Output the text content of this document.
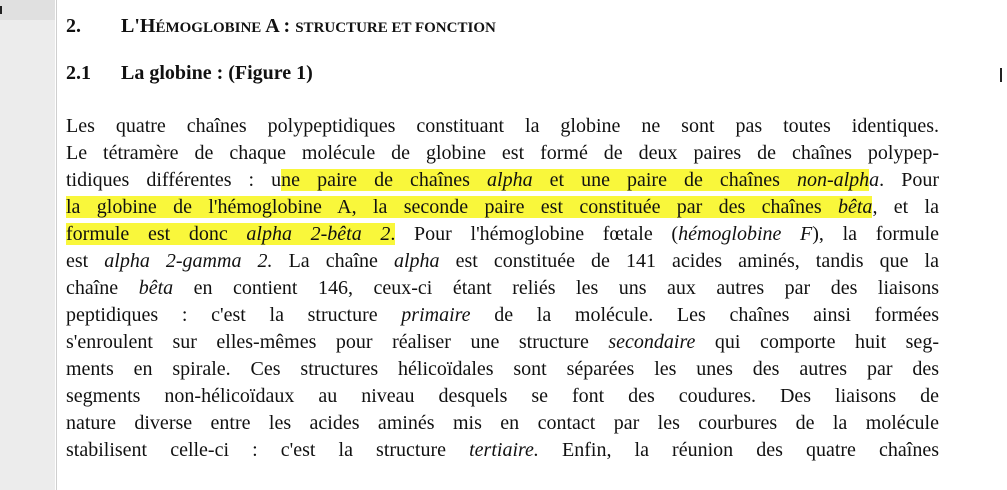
2. L'HÉMOGLOBINE A : STRUCTURE ET FONCTION
2.1 La globine : (Figure 1)
Les quatre chaînes polypeptidiques constituant la globine ne sont pas toutes identiques.
Le tétramère de chaque molécule de globine est formé de deux paires de chaînes polypep-
tidiques différentes : une paire de chaînes alpha et une paire de chaînes non-alpha. Pour
la globine de l'hémoglobine A, la seconde paire est constituée par des chaînes bêta, et la
formule est donc alpha 2-bêta 2. Pour l'hémoglobine fœtale (hémoglobine F), la formule
est alpha 2-gamma 2. La chaîne alpha est constituée de 141 acides aminés, tandis que la
chaîne bêta en contient 146, ceux-ci étant reliés les uns aux autres par des liaisons
peptidiques : c'est la structure primaire de la molécule. Les chaînes ainsi formées
s'enroulent sur elles-mêmes pour réaliser une structure secondaire qui comporte huit seg-
ments en spirale. Ces structures hélicoïdales sont séparées les unes des autres par des
segments non-hélicoïdaux au niveau desquels se font des coudures. Des liaisons de
nature diverse entre les acides aminés mis en contact par les courbures de la molécule
stabilisent celle-ci : c'est la structure tertiaire. Enfin, la réunion des quatre chaînes
